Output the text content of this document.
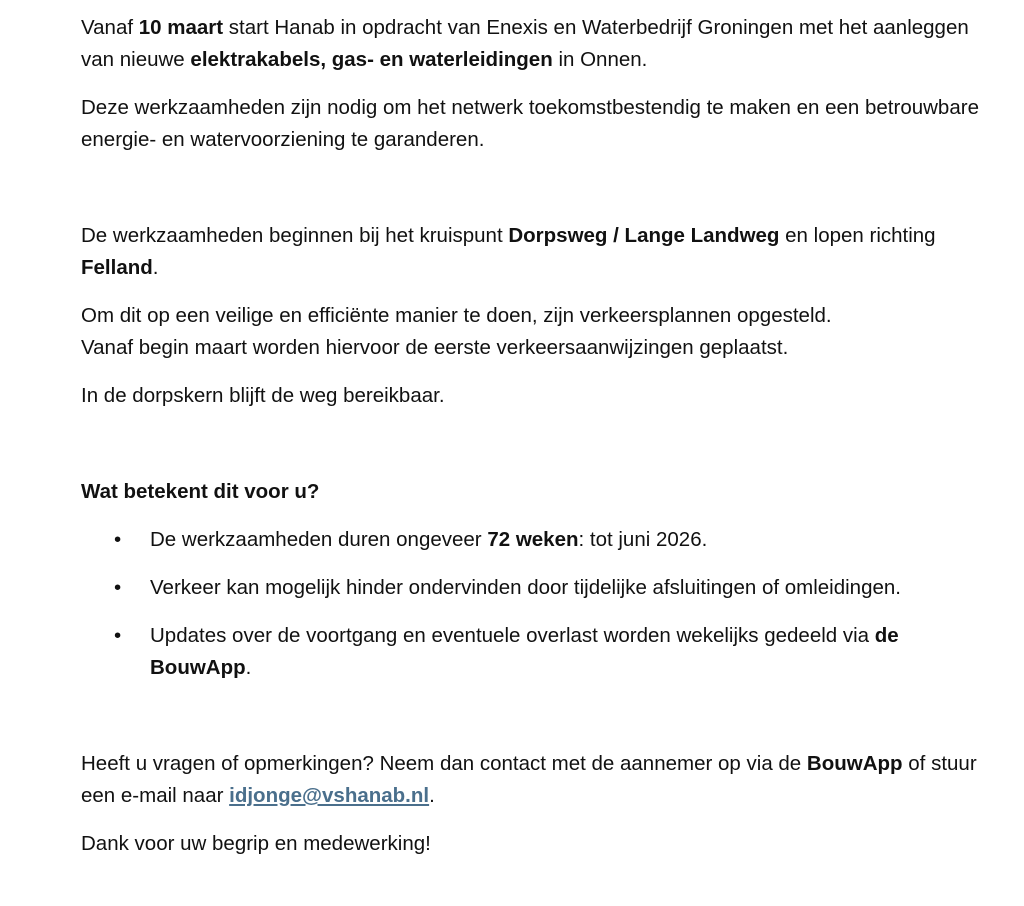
Vanaf 10 maart start Hanab in opdracht van Enexis en Waterbedrijf Groningen met het aanleggen van nieuwe elektrakabels, gas- en waterleidingen in Onnen.

Deze werkzaamheden zijn nodig om het netwerk toekomstbestendig te maken en een betrouwbare energie- en watervoorziening te garanderen.

De werkzaamheden beginnen bij het kruispunt Dorpsweg / Lange Landweg en lopen richting Felland.

Om dit op een veilige en efficiënte manier te doen, zijn verkeersplannen opgesteld.
Vanaf begin maart worden hiervoor de eerste verkeersaanwijzingen geplaatst.

In de dorpskern blijft de weg bereikbaar.

Wat betekent dit voor u?

• De werkzaamheden duren ongeveer 72 weken: tot juni 2026.
• Verkeer kan mogelijk hinder ondervinden door tijdelijke afsluitingen of omleidingen.
• Updates over de voortgang en eventuele overlast worden wekelijks gedeeld via de BouwApp.

Heeft u vragen of opmerkingen? Neem dan contact met de aannemer op via de BouwApp of stuur een e-mail naar idjonge@vshanab.nl.

Dank voor uw begrip en medewerking!
